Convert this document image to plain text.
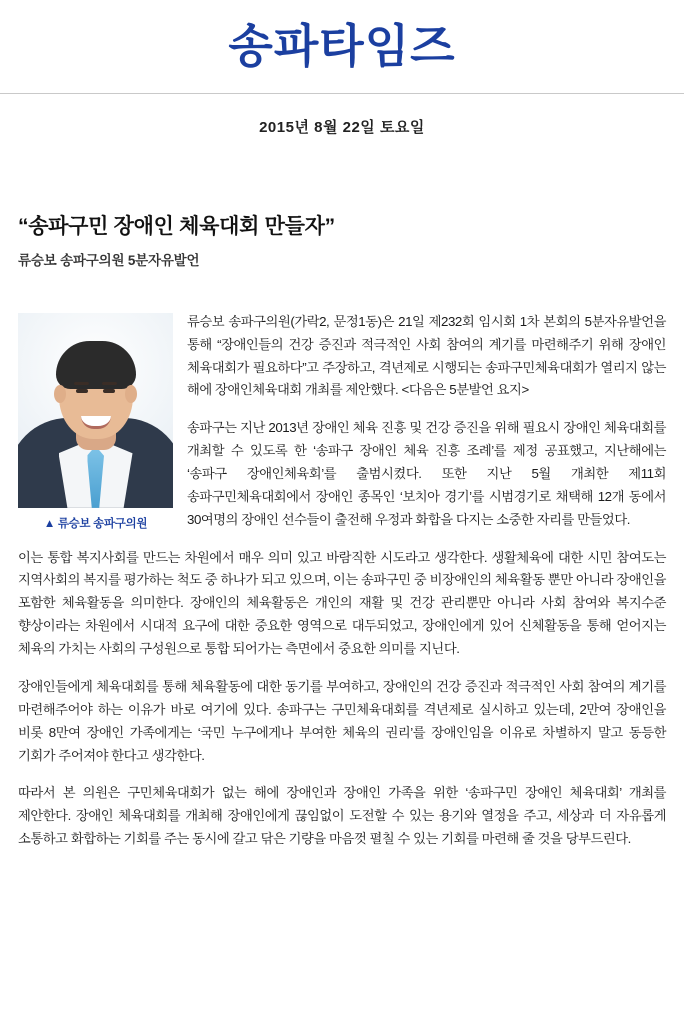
송파타임즈
2015년 8월 22일 토요일
“송파구민 장애인 체육대회 만들자”
류승보 송파구의원 5분자유발언
▲ 류승보 송파구의원

류승보 송파구의원(가락2, 문정1동)은 21일 제232회 임시회 1차 본회의 5분자유발언을 통해 “장애인들의 건강 증진과 적극적인 사회 참여의 계기를 마련해주기 위해 장애인 체육대회가 필요하다”고 주장하고, 격년제로 시행되는 송파구민체육대회가 열리지 않는 해에 장애인체육대회 개최를 제안했다. <다음은 5분발언 요지>

송파구는 지난 2013년 장애인 체육 진흥 및 건강 증진을 위해 필요시 장애인 체육대회를 개최할 수 있도록 한 ‘송파구 장애인 체육 진흥 조례’를 제정 공표했고, 지난해에는 ‘송파구 장애인체육회’를 출범시켰다. 또한 지난 5월 개최한 제11회 송파구민체육대회에서 장애인 종목인 ‘보치아 경기’를 시범경기로 채택해 12개 동에서 30여명의 장애인 선수들이 출전해 우정과 화합을 다지는 소중한 자리를 만들었다.

이는 통합 복지사회를 만드는 차원에서 매우 의미 있고 바람직한 시도라고 생각한다. 생활체육에 대한 시민 참여도는 지역사회의 복지를 평가하는 척도 중 하나가 되고 있으며, 이는 송파구민 중 비장애인의 체육활동 뿐만 아니라 장애인을 포함한 체육활동을 의미한다. 장애인의 체육활동은 개인의 재활 및 건강 관리뿐만 아니라 사회 참여와 복지수준 향상이라는 차원에서 시대적 요구에 대한 중요한 영역으로 대두되었고, 장애인에게 있어 신체활동을 통해 얻어지는 체육의 가치는 사회의 구성원으로 통합 되어가는 측면에서 중요한 의미를 지닌다.

장애인들에게 체육대회를 통해 체육활동에 대한 동기를 부여하고, 장애인의 건강 증진과 적극적인 사회 참여의 계기를 마련해주어야 하는 이유가 바로 여기에 있다. 송파구는 구민체육대회를 격년제로 실시하고 있는데, 2만여 장애인을 비롯 8만여 장애인 가족에게는 ‘국민 누구에게나 부여한 체육의 권리’를 장애인임을 이유로 차별하지 말고 동등한 기회가 주어져야 한다고 생각한다.

따라서 본 의원은 구민체육대회가 없는 해에 장애인과 장애인 가족을 위한 ‘송파구민 장애인 체육대회’ 개최를 제안한다. 장애인 체육대회를 개최해 장애인에게 끊임없이 도전할 수 있는 용기와 열정을 주고, 세상과 더 자유롭게 소통하고 화합하는 기회를 주는 동시에 갈고 닦은 기량을 마음껏 펼칠 수 있는 기회를 마련해 줄 것을 당부드린다.
